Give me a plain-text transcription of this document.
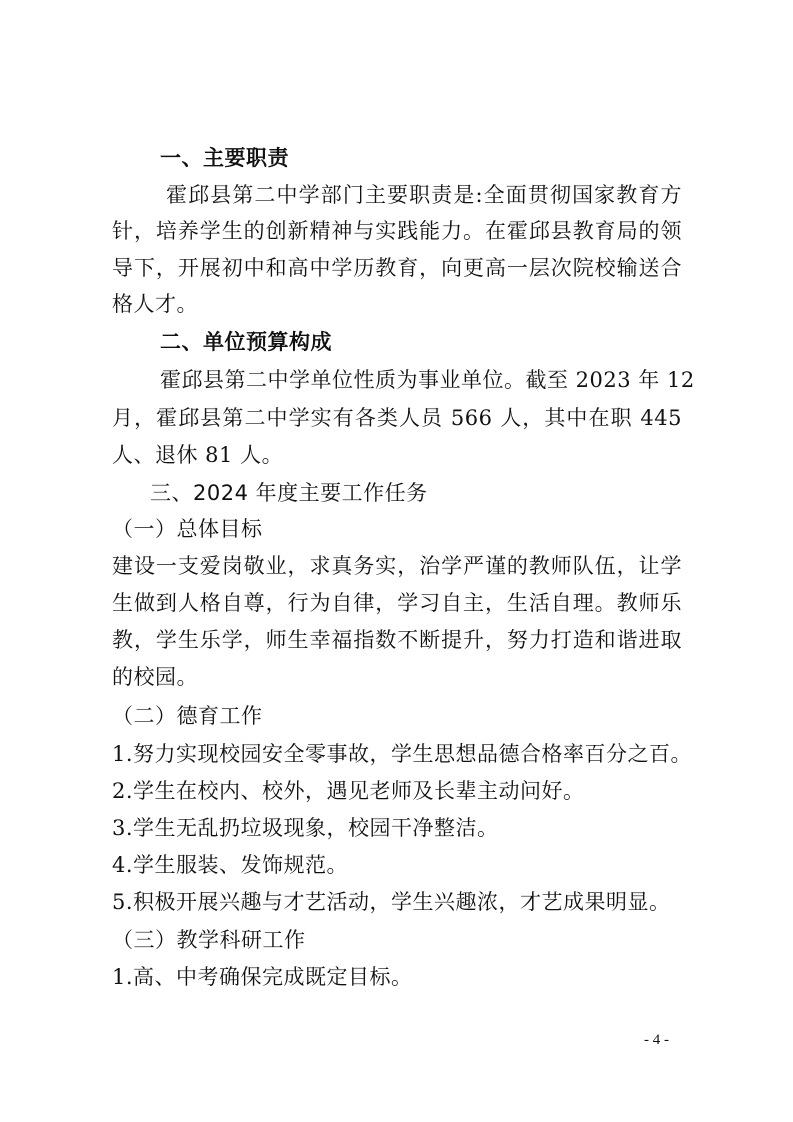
一、主要职责
霍邱县第二中学部门主要职责是:全面贯彻国家教育方
针，培养学生的创新精神与实践能力。在霍邱县教育局的领
导下，开展初中和高中学历教育，向更高一层次院校输送合
格人才。
二、单位预算构成
霍邱县第二中学单位性质为事业单位。截至 2023 年 12
月，霍邱县第二中学实有各类人员 566 人，其中在职 445
人、退休 81 人。
三、2024 年度主要工作任务
（一）总体目标
建设一支爱岗敬业，求真务实，治学严谨的教师队伍，让学
生做到人格自尊，行为自律，学习自主，生活自理。教师乐
教，学生乐学，师生幸福指数不断提升，努力打造和谐进取
的校园。
（二）德育工作
1.努力实现校园安全零事故，学生思想品德合格率百分之百。
2.学生在校内、校外，遇见老师及长辈主动问好。
3.学生无乱扔垃圾现象，校园干净整洁。
4.学生服装、发饰规范。
5.积极开展兴趣与才艺活动，学生兴趣浓，才艺成果明显。
（三）教学科研工作
1.高、中考确保完成既定目标。
- 4 -
